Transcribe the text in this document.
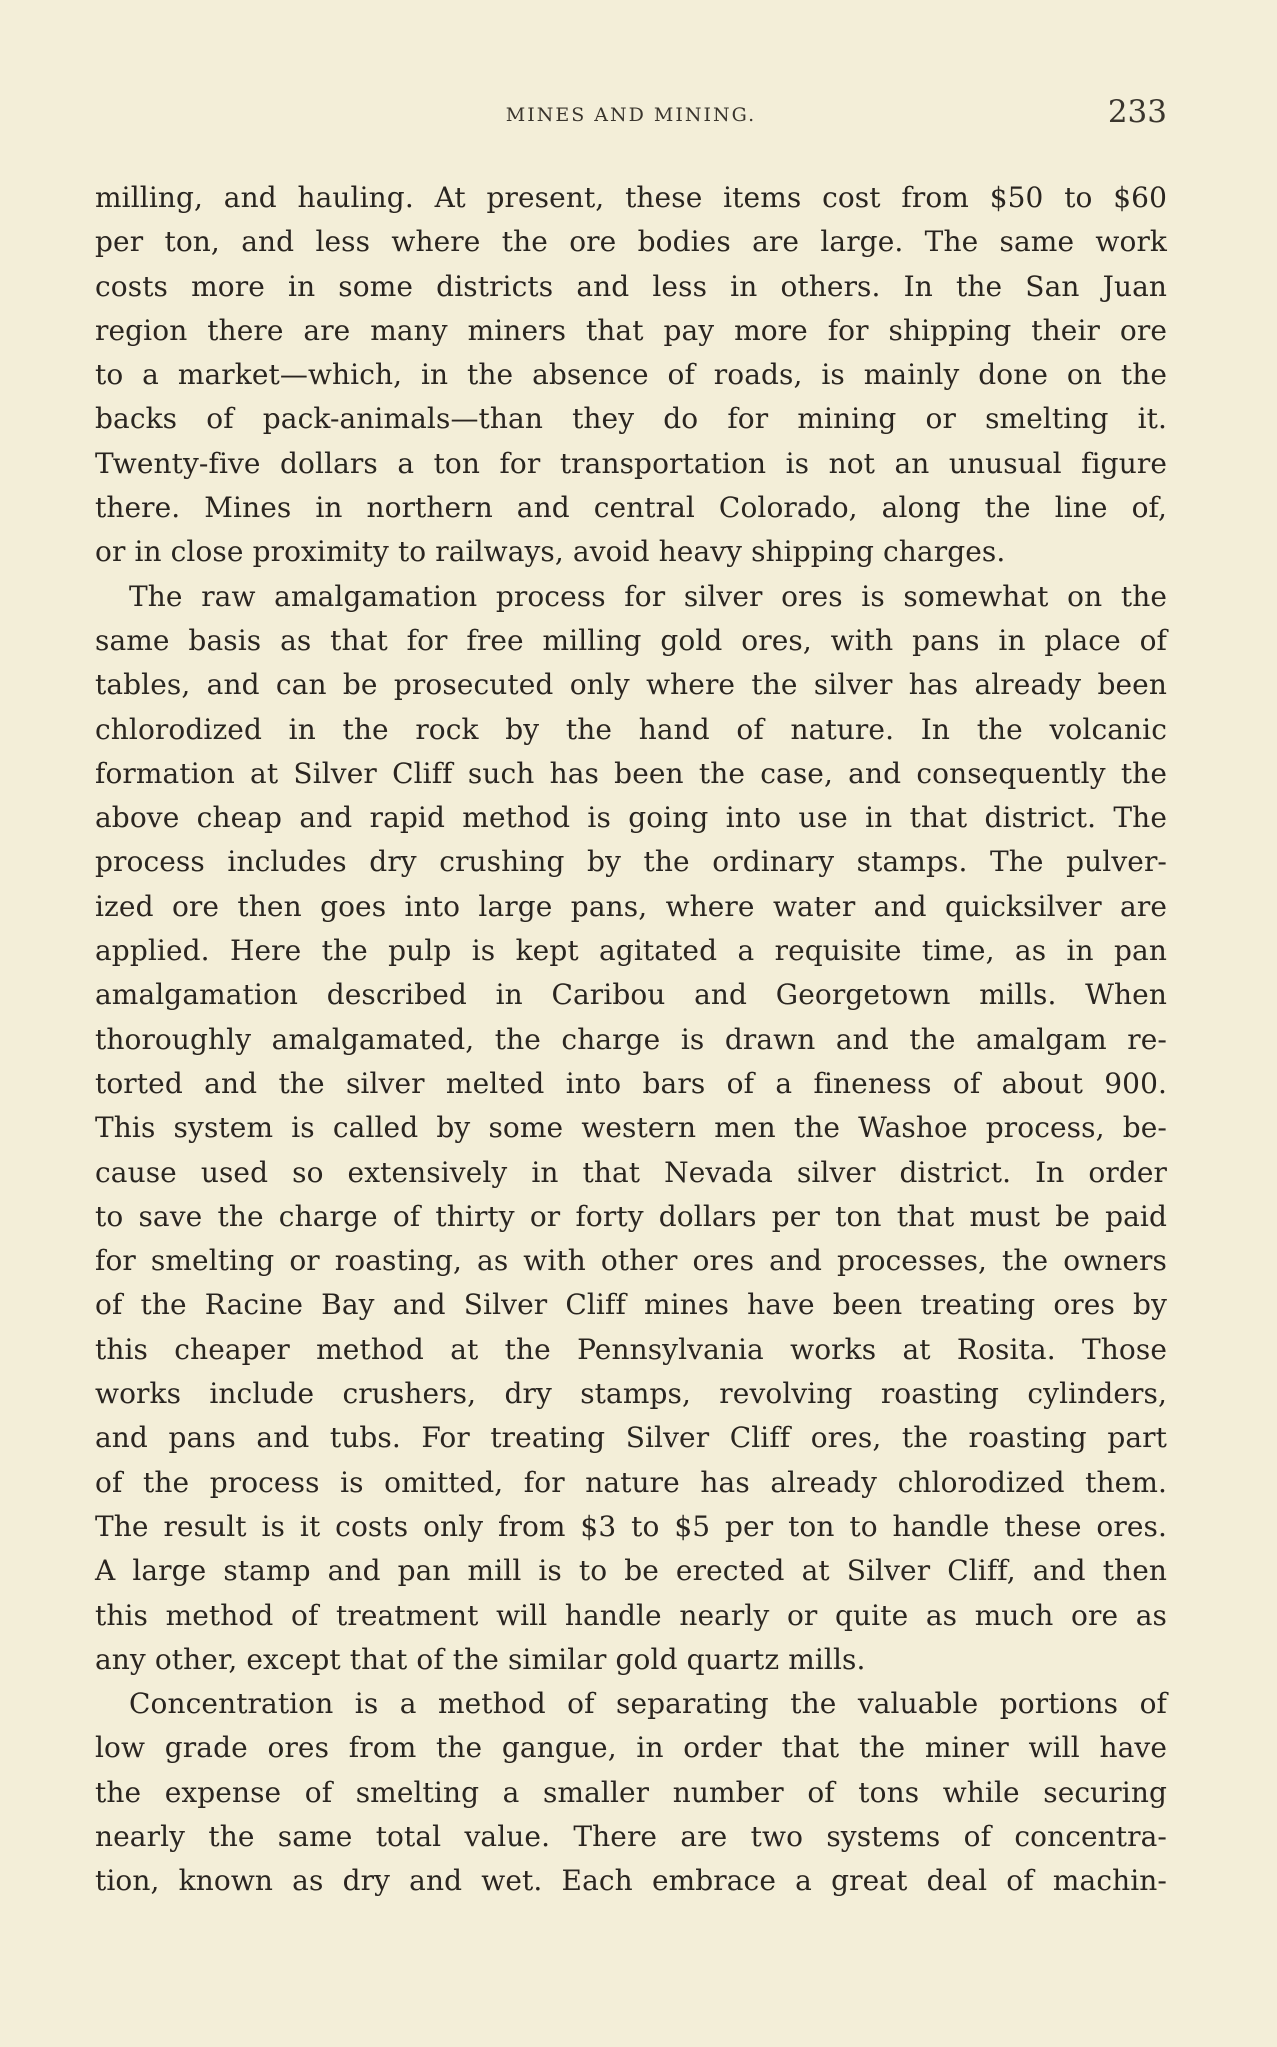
MINES AND MINING.	233
milling, and hauling. At present, these items cost from $50 to $60
per ton, and less where the ore bodies are large. The same work
costs more in some districts and less in others. In the San Juan
region there are many miners that pay more for shipping their ore
to a market—which, in the absence of roads, is mainly done on the
backs of pack-animals—than they do for mining or smelting it.
Twenty-five dollars a ton for transportation is not an unusual figure
there. Mines in northern and central Colorado, along the line of,
or in close proximity to railways, avoid heavy shipping charges.
The raw amalgamation process for silver ores is somewhat on the
same basis as that for free milling gold ores, with pans in place of
tables, and can be prosecuted only where the silver has already been
chlorodized in the rock by the hand of nature. In the volcanic
formation at Silver Cliff such has been the case, and consequently the
above cheap and rapid method is going into use in that district. The
process includes dry crushing by the ordinary stamps. The pulver-
ized ore then goes into large pans, where water and quicksilver are
applied. Here the pulp is kept agitated a requisite time, as in pan
amalgamation described in Caribou and Georgetown mills. When
thoroughly amalgamated, the charge is drawn and the amalgam re-
torted and the silver melted into bars of a fineness of about 900.
This system is called by some western men the Washoe process, be-
cause used so extensively in that Nevada silver district. In order
to save the charge of thirty or forty dollars per ton that must be paid
for smelting or roasting, as with other ores and processes, the owners
of the Racine Bay and Silver Cliff mines have been treating ores by
this cheaper method at the Pennsylvania works at Rosita. Those
works include crushers, dry stamps, revolving roasting cylinders,
and pans and tubs. For treating Silver Cliff ores, the roasting part
of the process is omitted, for nature has already chlorodized them.
The result is it costs only from $3 to $5 per ton to handle these ores.
A large stamp and pan mill is to be erected at Silver Cliff, and then
this method of treatment will handle nearly or quite as much ore as
any other, except that of the similar gold quartz mills.
Concentration is a method of separating the valuable portions of
low grade ores from the gangue, in order that the miner will have
the expense of smelting a smaller number of tons while securing
nearly the same total value. There are two systems of concentra-
tion, known as dry and wet. Each embrace a great deal of machin-
